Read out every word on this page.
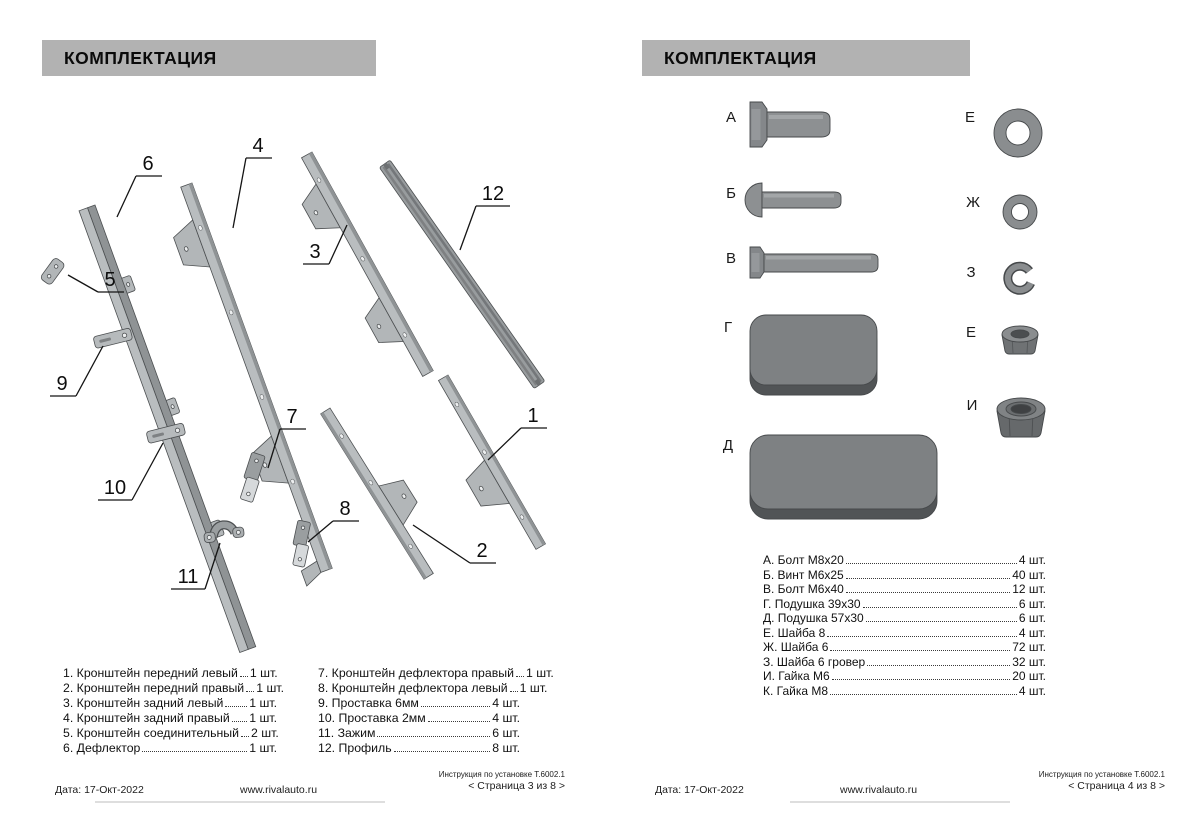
КОМПЛЕКТАЦИЯ
1
2
3
4
5
6
7
8
9
10
11
12
1. Кронштейн передний левый 1 шт.
2. Кронштейн передний правый 1 шт.
3. Кронштейн задний левый 1 шт.
4. Кронштейн задний правый 1 шт.
5. Кронштейн соединительный 2 шт.
6. Дефлектор	1 шт.
7. Кронштейн дефлектора правый 1 шт.
8. Кронштейн дефлектора левый 1 шт.
9. Проставка 6мм	4 шт.
10. Проставка 2мм	4 шт.
11. Зажим	6 шт.
12. Профиль	8 шт.
Дата: 17-Окт-2022	www.rivalauto.ru
Инструкция по установке Т.6002.1
< Страница 3 из 8 >
КОМПЛЕКТАЦИЯ
А
Б
В
Г
Д
Е
Ж
З
Е
И
А. Болт М8х20	4 шт.
Б. Винт М6х25	40 шт.
В. Болт М6х40	12 шт.
Г. Подушка 39х30	6 шт.
Д. Подушка 57х30	6 шт.
Е. Шайба 8	4 шт.
Ж. Шайба 6	72 шт.
З. Шайба 6 гровер	32 шт.
И. Гайка М6	20 шт.
К. Гайка М8	4 шт.
Дата: 17-Окт-2022	www.rivalauto.ru
Инструкция по установке Т.6002.1
< Страница 4 из 8 >
